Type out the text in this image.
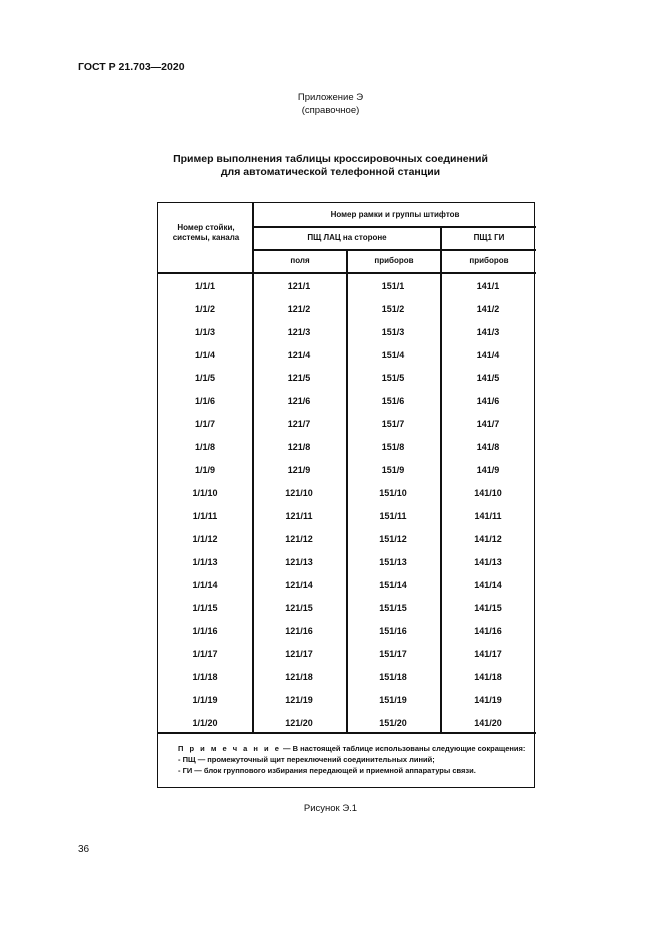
ГОСТ Р 21.703—2020
Приложение Э
(справочное)
Пример выполнения таблицы кроссировочных соединений
для автоматической телефонной станции
Номер стойки, системы, канала
Номер рамки и группы штифтов
ПЩ ЛАЦ на стороне	ПЩ1 ГИ
поля	приборов	приборов
1/1/1	121/1	151/1	141/1
1/1/2	121/2	151/2	141/2
1/1/3	121/3	151/3	141/3
1/1/4	121/4	151/4	141/4
1/1/5	121/5	151/5	141/5
1/1/6	121/6	151/6	141/6
1/1/7	121/7	151/7	141/7
1/1/8	121/8	151/8	141/8
1/1/9	121/9	151/9	141/9
1/1/10	121/10	151/10	141/10
1/1/11	121/11	151/11	141/11
1/1/12	121/12	151/12	141/12
1/1/13	121/13	151/13	141/13
1/1/14	121/14	151/14	141/14
1/1/15	121/15	151/15	141/15
1/1/16	121/16	151/16	141/16
1/1/17	121/17	151/17	141/17
1/1/18	121/18	151/18	141/18
1/1/19	121/19	151/19	141/19
1/1/20	121/20	151/20	141/20
П р и м е ч а н и е — В настоящей таблице использованы следующие сокращения:
- ПЩ — промежуточный щит переключений соединительных линий;
- ГИ — блок группового избирания передающей и приемной аппаратуры связи.
Рисунок Э.1
36
